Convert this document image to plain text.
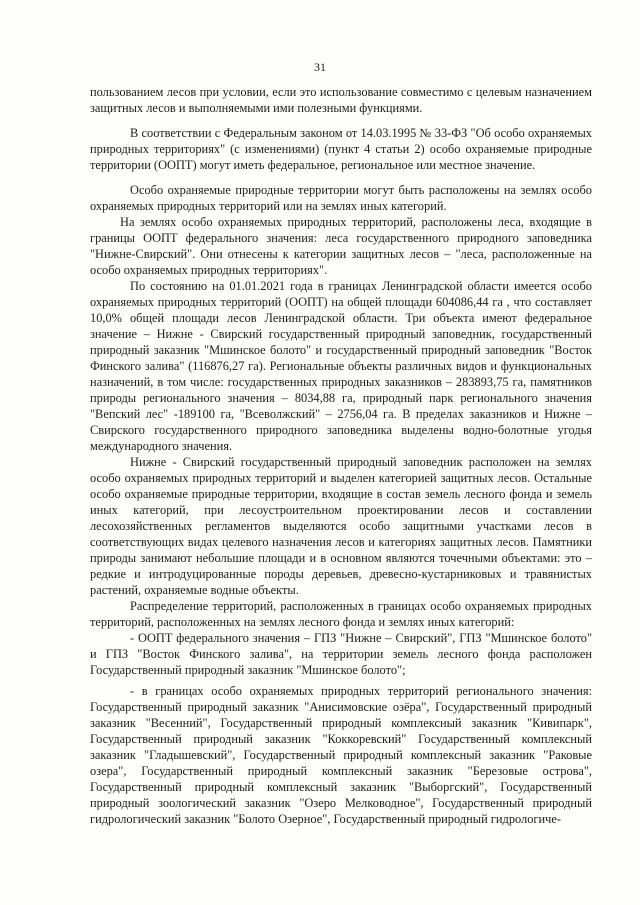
31

пользованием лесов при условии, если это использование совместимо с целевым назначением защитных лесов и выполняемыми ими полезными функциями.

В соответствии с Федеральным законом от 14.03.1995 № 33-ФЗ "Об особо охраняемых природных территориях" (с изменениями) (пункт 4 статьи 2) особо охраняемые природные территории (ООПТ) могут иметь федеральное, региональное или местное значение.

Особо охраняемые природные территории могут быть расположены на землях особо охраняемых природных территорий или на землях иных категорий.

На землях особо охраняемых природных территорий, расположены леса, входящие в границы ООПТ федерального значения: леса государственного природного заповедника "Нижне-Свирский". Они отнесены к категории защитных лесов – "леса, расположенные на особо охраняемых природных территориях".

По состоянию на 01.01.2021 года в границах Ленинградской области имеется особо охраняемых природных территорий (ООПТ) на общей площади 604086,44 га , что составляет 10,0% общей площади лесов Ленинградской области. Три объекта имеют федеральное значение – Нижне - Свирский государственный природный заповедник, государственный природный заказник "Мшинское болото" и государственный природный заповедник "Восток Финского залива" (116876,27 га). Региональные объекты различных видов и функциональных назначений, в том числе: государственных природных заказников – 283893,75 га, памятников природы регионального значения – 8034,88 га, природный парк регионального значения "Вепский лес" -189100 га, "Всеволжский" – 2756,04 га. В пределах заказников и Нижне – Свирского государственного природного заповедника выделены водно-болотные угодья международного значения.

Нижне - Свирский государственный природный заповедник расположен на землях особо охраняемых природных территорий и выделен категорией защитных лесов. Остальные особо охраняемые природные территории, входящие в состав земель лесного фонда и земель иных категорий, при лесоустроительном проектировании лесов и составлении лесохозяйственных регламентов выделяются особо защитными участками лесов в соответствующих видах целевого назначения лесов и категориях защитных лесов. Памятники природы занимают небольшие площади и в основном являются точечными объектами: это – редкие и интродуцированные породы деревьев, древесно-кустарниковых и травянистых растений, охраняемые водные объекты.

Распределение территорий, расположенных в границах особо охраняемых природных территорий, расположенных на землях лесного фонда и землях иных категорий:

- ООПТ федерального значения – ГПЗ "Нижне – Свирский", ГПЗ "Мшинское болото" и ГПЗ "Восток Финского залива", на территории земель лесного фонда расположен Государственный природный заказник "Мшинское болото";

- в границах особо охраняемых природных территорий регионального значения: Государственный природный заказник "Анисимовские озёра", Государственный природный заказник "Весенний", Государственный природный комплексный заказник "Кивипарк", Государственный природный заказник "Коккоревский" Государственный комплексный заказник "Гладышевский", Государственный природный комплексный заказник "Раковые озера", Государственный природный комплексный заказник "Березовые острова", Государственный природный комплексный заказник "Выборгский", Государственный природный зоологический заказник "Озеро Мелководное", Государственный природный гидрологический заказник "Болото Озерное", Государственный природный гидрологиче-
